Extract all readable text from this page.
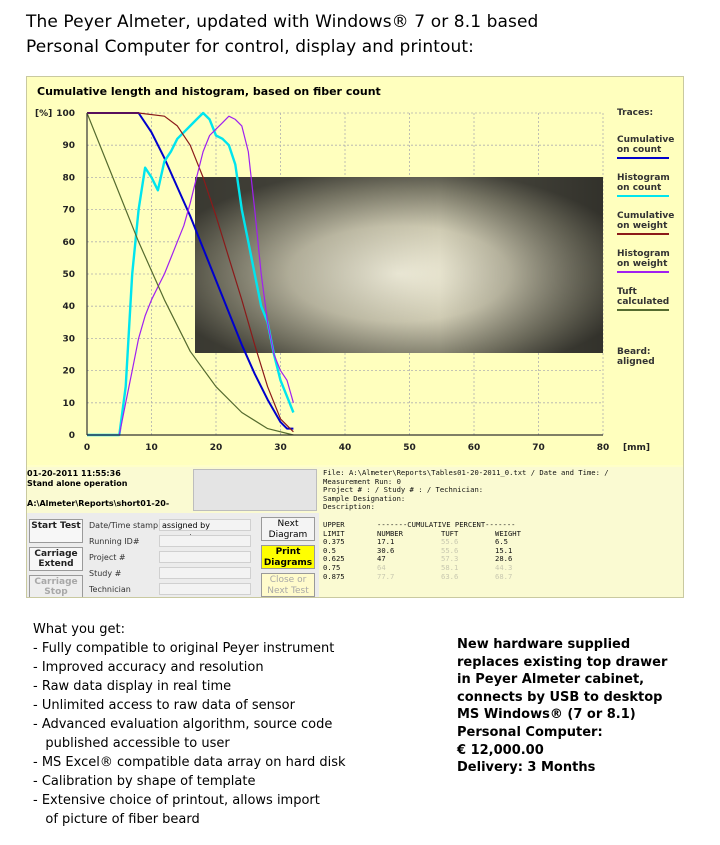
The Peyer Almeter, updated with Windows® 7 or 8.1 based
Personal Computer for control, display and printout:
0	10	20	30	40	50	60	70	80
0
10
20
30
40
50
60
70
80
90
100
[%]
[mm]
Cumulative length and histogram, based on fiber count
Traces:
Cumulative
on count
Histogram
on count
Cumulative
on weight
Histogram
on weight
Tuft
calculated
Beard:
aligned
01-20-2011 11:55:36
Stand alone operation
A:\Almeter\Reports\short01-20-
Start Test
Carriage Extend
Carriage Stop
Date/Time stamp assigned by
Running ID#
Project #
Study #
Technician
Next Diagram
Print Diagrams
Close or Next Test
File: A:\Almeter\Reports\Tables01-20-2011_0.txt / Date and Time: /
Measurement Run: 0
Project # : / Study # : / Technician:
Sample Designation:
Description:
UPPER	-------CUMULATIVE PERCENT-------
LIMIT	NUMBER	TUFT	WEIGHT
0.375	17.1	55.6	6.5
0.5	30.6	55.6	15.1
0.625	47	57.3	28.6
0.75	64	58.1	44.3
0.875	77.7	63.6	68.7
What you get:
- Fully compatible to original Peyer instrument
- Improved accuracy and resolution
- Raw data display in real time
- Unlimited access to raw data of sensor
- Advanced evaluation algorithm, source code
published accessible to user
- MS Excel® compatible data array on hard disk
- Calibration by shape of template
- Extensive choice of printout, allows import
of picture of fiber beard
New hardware supplied
replaces existing top drawer
in Peyer Almeter cabinet,
connects by USB to desktop
MS Windows® (7 or 8.1)
Personal Computer:
€ 12,000.00
Delivery: 3 Months
